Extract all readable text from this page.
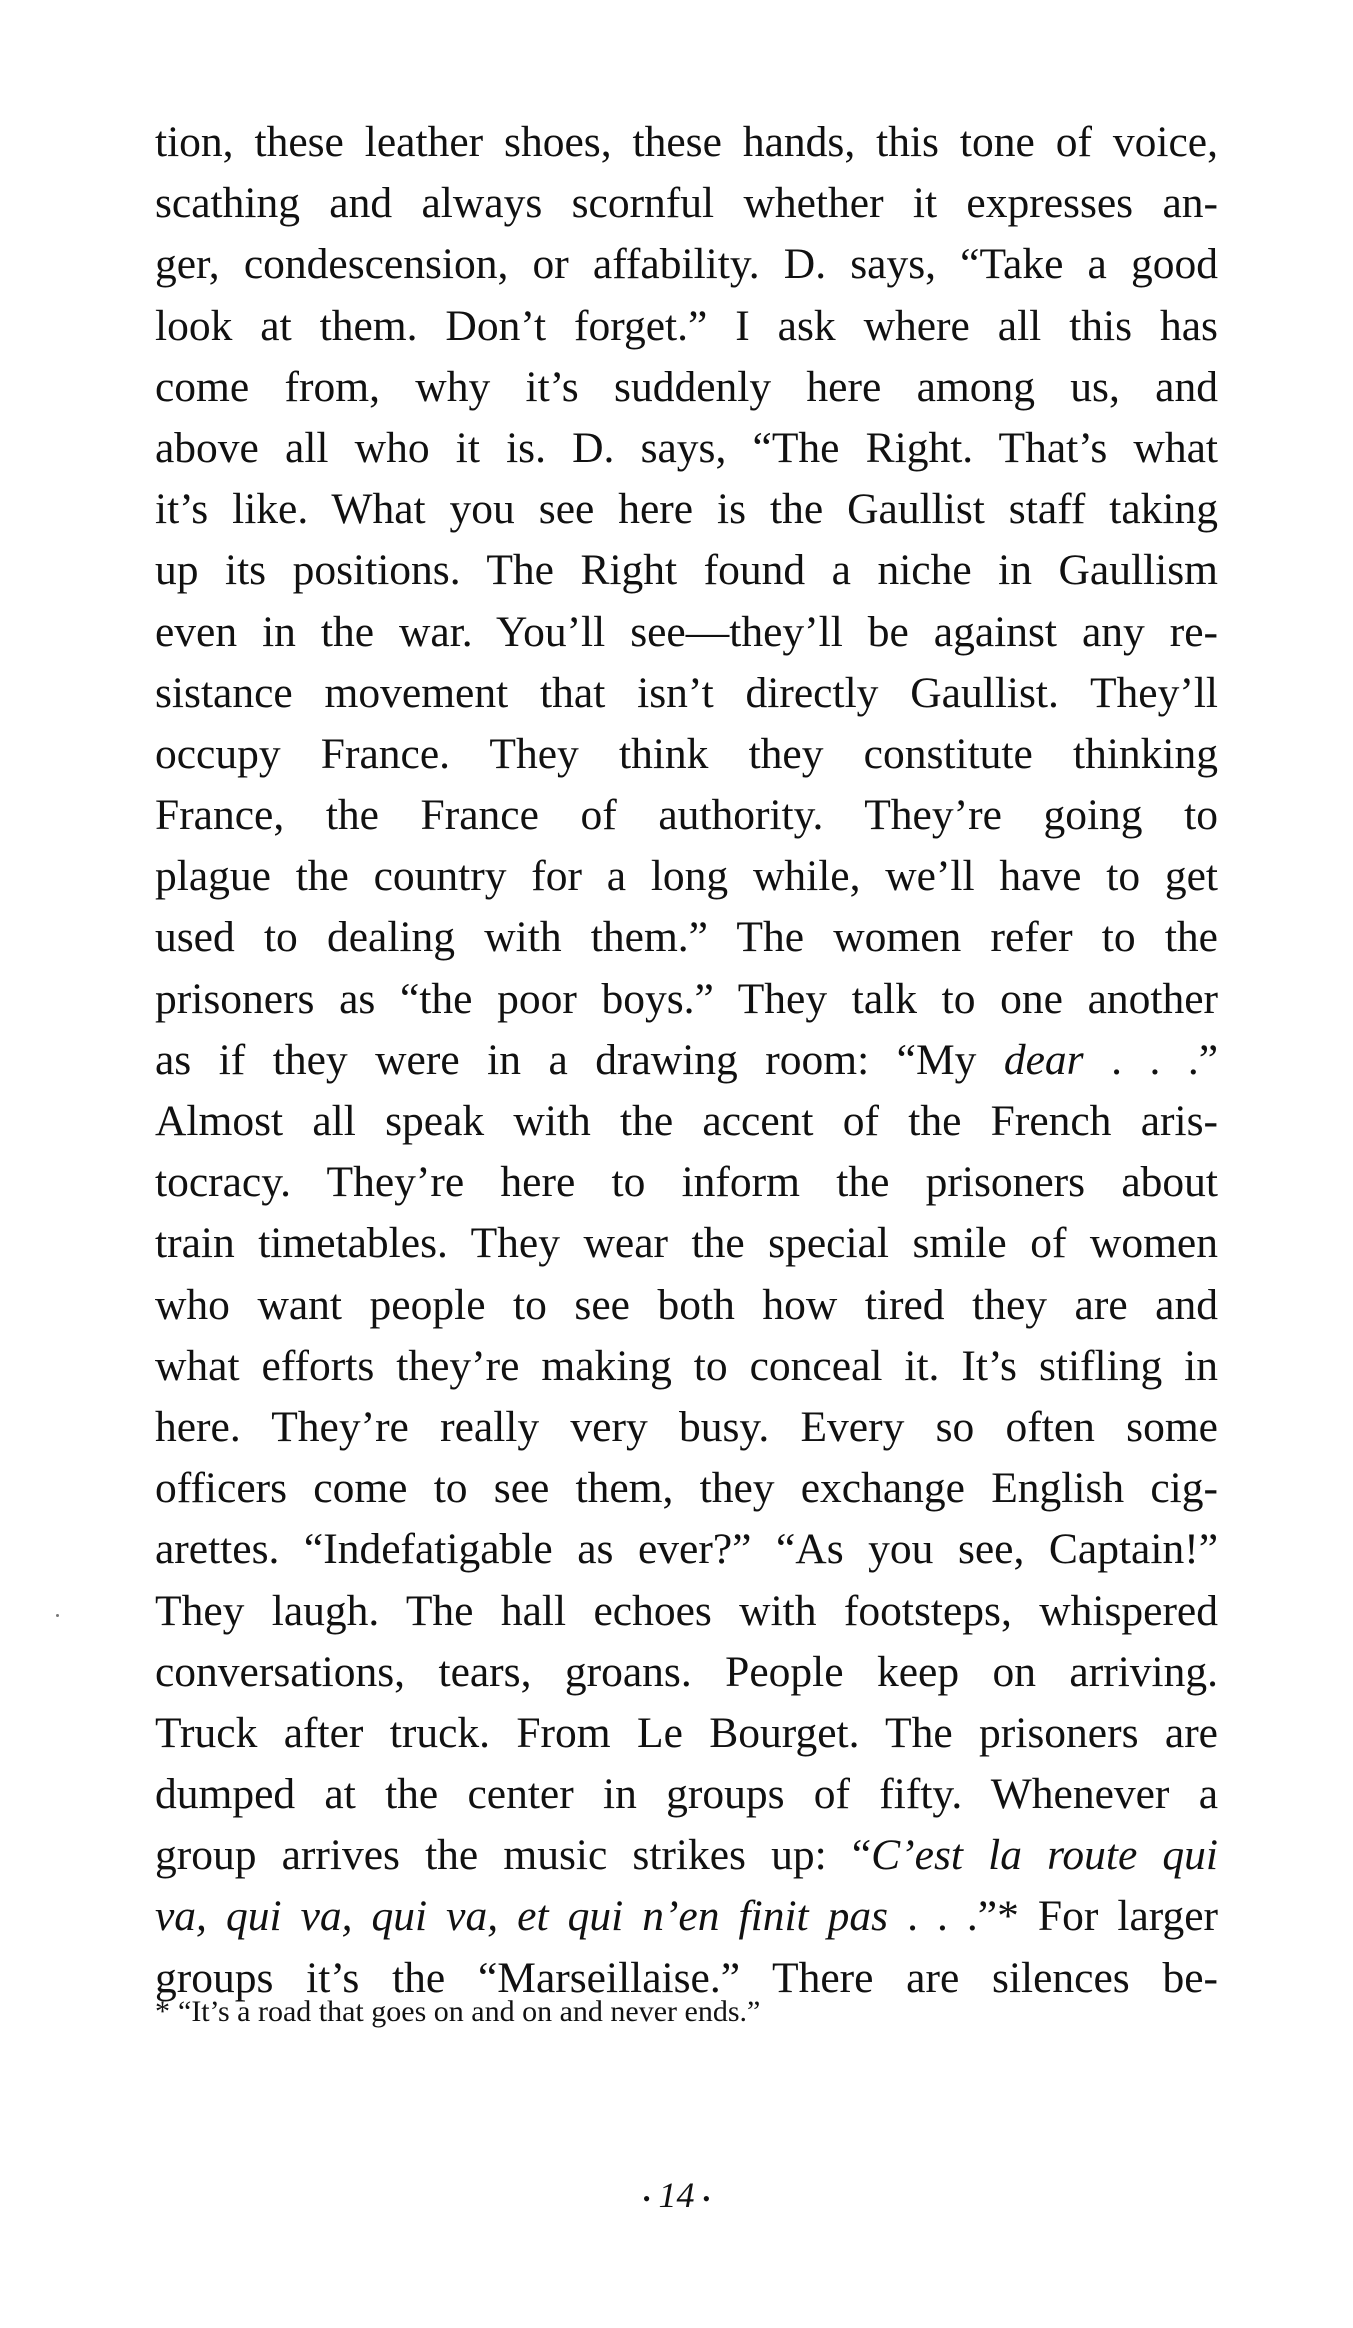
tion, these leather shoes, these hands, this tone of voice,
scathing and always scornful whether it expresses an-
ger, condescension, or affability. D. says, “Take a good
look at them. Don’t forget.” I ask where all this has
come from, why it’s suddenly here among us, and
above all who it is. D. says, “The Right. That’s what
it’s like. What you see here is the Gaullist staff taking
up its positions. The Right found a niche in Gaullism
even in the war. You’ll see—they’ll be against any re-
sistance movement that isn’t directly Gaullist. They’ll
occupy France. They think they constitute thinking
France, the France of authority. They’re going to
plague the country for a long while, we’ll have to get
used to dealing with them.” The women refer to the
prisoners as “the poor boys.” They talk to one another
as if they were in a drawing room: “My dear . . .”
Almost all speak with the accent of the French aris-
tocracy. They’re here to inform the prisoners about
train timetables. They wear the special smile of women
who want people to see both how tired they are and
what efforts they’re making to conceal it. It’s stifling in
here. They’re really very busy. Every so often some
officers come to see them, they exchange English cig-
arettes. “Indefatigable as ever?” “As you see, Captain!”
They laugh. The hall echoes with footsteps, whispered
conversations, tears, groans. People keep on arriving.
Truck after truck. From Le Bourget. The prisoners are
dumped at the center in groups of fifty. Whenever a
group arrives the music strikes up: “C’est la route qui
va, qui va, qui va, et qui n’en finit pas . . .”* For larger
groups it’s the “Marseillaise.” There are silences be-
* “It’s a road that goes on and on and never ends.”
• 14 •
